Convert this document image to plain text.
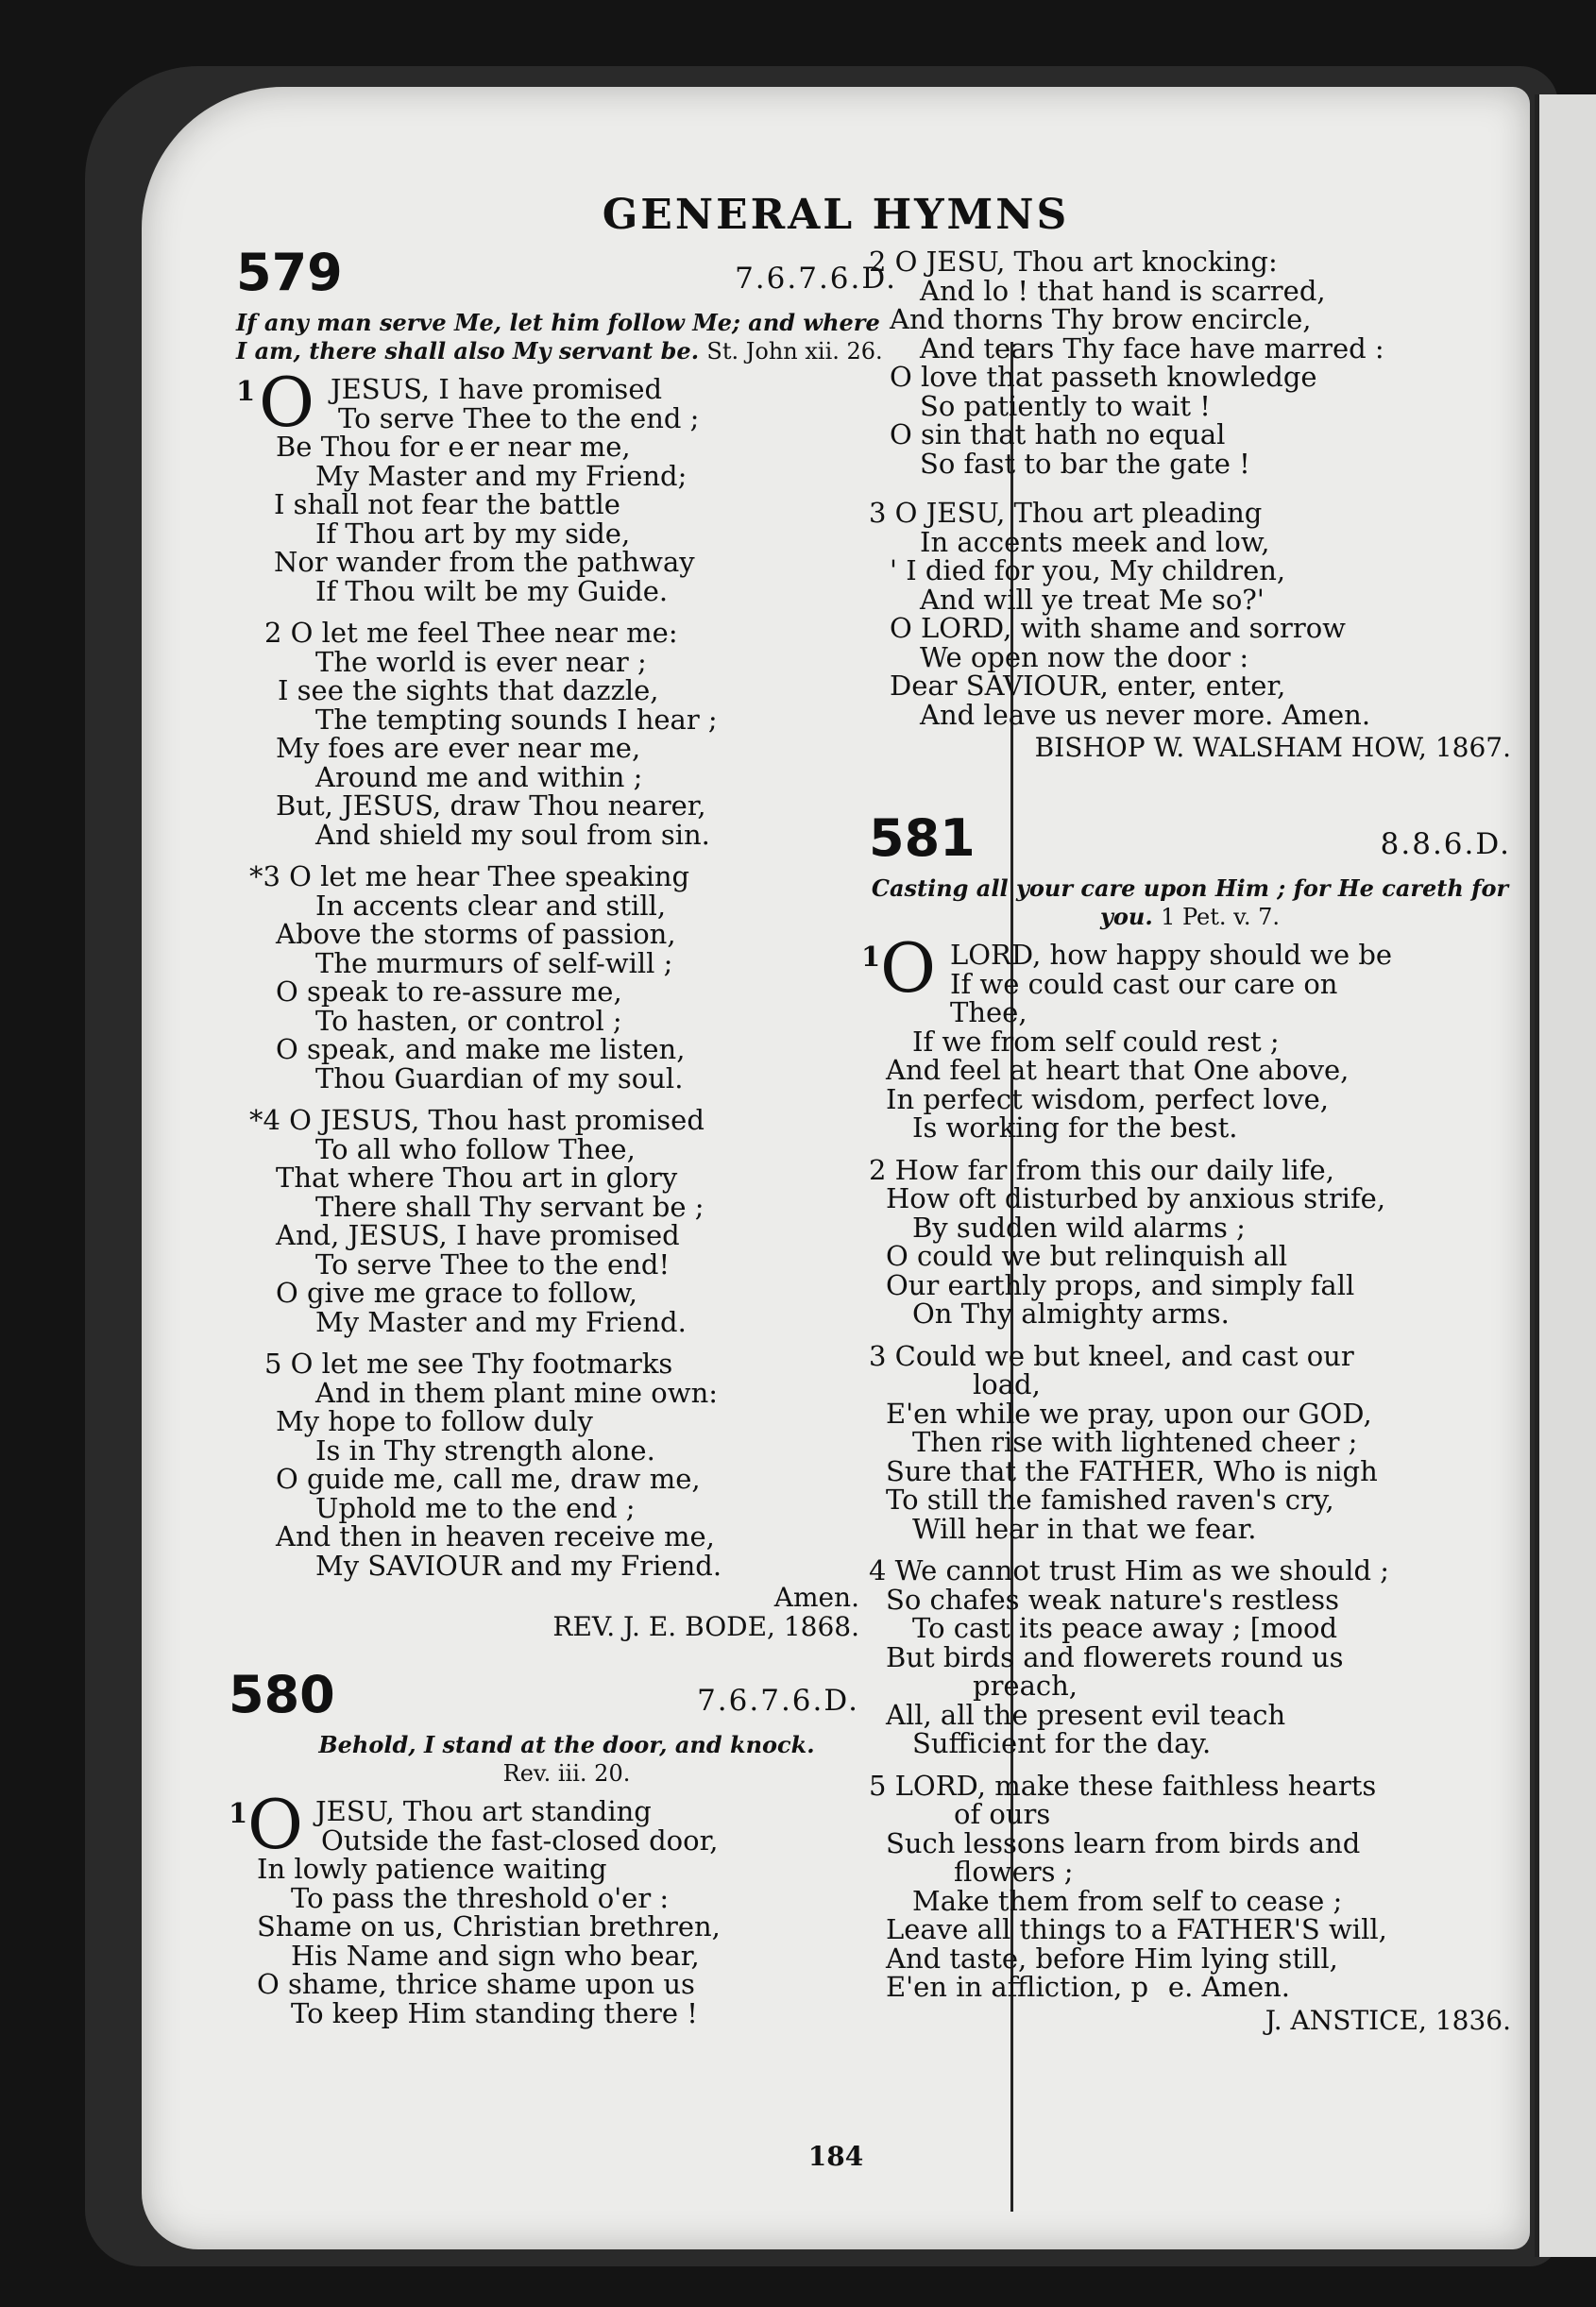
GENERAL HYMNS
579	7.6.7.6.D.
If any man serve Me, let him follow Me; and where I am, there shall also My servant be. St. John xii. 26.
1 O JESUS, I have promised
To serve Thee to the end ;
Be Thou for e er near me,
My Master and my Friend;
I shall not fear the battle
If Thou art by my side,
Nor wander from the pathway
If Thou wilt be my Guide.
2 O let me feel Thee near me:
The world is ever near ;
I see the sights that dazzle,
The tempting sounds I hear ;
My foes are ever near me,
Around me and within ;
But, JESUS, draw Thou nearer,
And shield my soul from sin.
*3 O let me hear Thee speaking
In accents clear and still,
Above the storms of passion,
The murmurs of self-will ;
O speak to re-assure me,
To hasten, or control ;
O speak, and make me listen,
Thou Guardian of my soul.
*4 O JESUS, Thou hast promised
To all who follow Thee,
That where Thou art in glory
There shall Thy servant be ;
And, JESUS, I have promised
To serve Thee to the end!
O give me grace to follow,
My Master and my Friend.
5 O let me see Thy footmarks
And in them plant mine own:
My hope to follow duly
Is in Thy strength alone.
O guide me, call me, draw me,
Uphold me to the end ;
And then in heaven receive me,
My SAVIOUR and my Friend.
Amen.
REV. J. E. BODE, 1868.
580	7.6.7.6.D.
Behold, I stand at the door, and knock.
Rev. iii. 20.
1 O JESU, Thou art standing
Outside the fast-closed door,
In lowly patience waiting
To pass the threshold o'er :
Shame on us, Christian brethren,
His Name and sign who bear,
O shame, thrice shame upon us
To keep Him standing there !
2 O JESU, Thou art knocking:
And lo ! that hand is scarred,
And thorns Thy brow encircle,
And tears Thy face have marred :
O love that passeth knowledge
So patiently to wait !
O sin that hath no equal
So fast to bar the gate !
3 O JESU, Thou art pleading
In accents meek and low,
' I died for you, My children,
And will ye treat Me so?'
O LORD, with shame and sorrow
We open now the door :
Dear SAVIOUR, enter, enter,
And leave us never more. Amen.
BISHOP W. WALSHAM HOW, 1867.
581	8.8.6.D.
Casting all your care upon Him ; for He careth for you. 1 Pet. v. 7.
1 O LORD, how happy should we be
If we could cast our care on
Thee,
If we from self could rest ;
And feel at heart that One above,
In perfect wisdom, perfect love,
Is working for the best.
2 How far from this our daily life,
How oft disturbed by anxious strife,
By sudden wild alarms ;
O could we but relinquish all
Our earthly props, and simply fall
On Thy almighty arms.
3 Could we but kneel, and cast our
load,
E'en while we pray, upon our GOD,
Then rise with lightened cheer ;
Sure that the FATHER, Who is nigh
To still the famished raven's cry,
Will hear in that we fear.
4 We cannot trust Him as we should ;
So chafes weak nature's restless
To cast its peace away ; [mood
But birds and flowerets round us
preach,
All, all the present evil teach
Sufficient for the day.
5 LORD, make these faithless hearts
of ours
Such lessons learn from birds and
flowers ;
Make them from self to cease ;
Leave all things to a FATHER'S will,
And taste, before Him lying still,
E'en in affliction, p   e. Amen.
J. ANSTICE, 1836.
184
